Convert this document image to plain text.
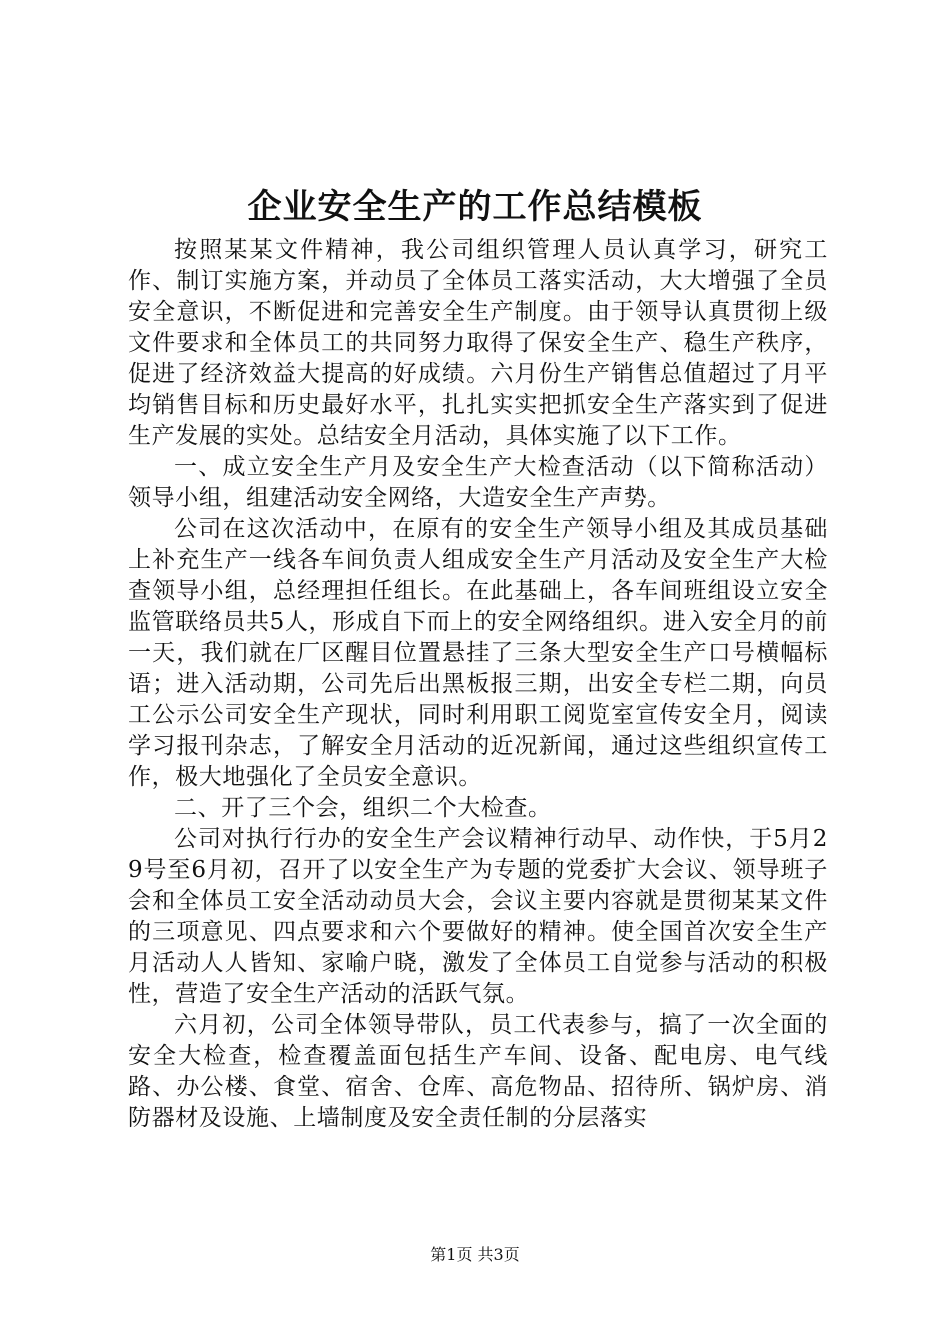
企业安全生产的工作总结模板

按照某某文件精神，我公司组织管理人员认真学习，研究工作、制订实施方案，并动员了全体员工落实活动，大大增强了全员安全意识，不断促进和完善安全生产制度。由于领导认真贯彻上级文件要求和全体员工的共同努力取得了保安全生产、稳生产秩序，促进了经济效益大提高的好成绩。六月份生产销售总值超过了月平均销售目标和历史最好水平，扎扎实实把抓安全生产落实到了促进生产发展的实处。总结安全月活动，具体实施了以下工作。

一、成立安全生产月及安全生产大检查活动（以下简称活动）领导小组，组建活动安全网络，大造安全生产声势。

公司在这次活动中，在原有的安全生产领导小组及其成员基础上补充生产一线各车间负责人组成安全生产月活动及安全生产大检查领导小组，总经理担任组长。在此基础上，各车间班组设立安全监管联络员共5人，形成自下而上的安全网络组织。进入安全月的前一天，我们就在厂区醒目位置悬挂了三条大型安全生产口号横幅标语；进入活动期，公司先后出黑板报三期，出安全专栏二期，向员工公示公司安全生产现状，同时利用职工阅览室宣传安全月，阅读学习报刊杂志，了解安全月活动的近况新闻，通过这些组织宣传工作，极大地强化了全员安全意识。

二、开了三个会，组织二个大检查。

公司对执行行办的安全生产会议精神行动早、动作快，于5月29号至6月初，召开了以安全生产为专题的党委扩大会议、领导班子会和全体员工安全活动动员大会，会议主要内容就是贯彻某某文件的三项意见、四点要求和六个要做好的精神。使全国首次安全生产月活动人人皆知、家喻户晓，激发了全体员工自觉参与活动的积极性，营造了安全生产活动的活跃气氛。

六月初，公司全体领导带队，员工代表参与，搞了一次全面的安全大检查，检查覆盖面包括生产车间、设备、配电房、电气线路、办公楼、食堂、宿舍、仓库、高危物品、招待所、锅炉房、消防器材及设施、上墙制度及安全责任制的分层落实

第1页 共3页
